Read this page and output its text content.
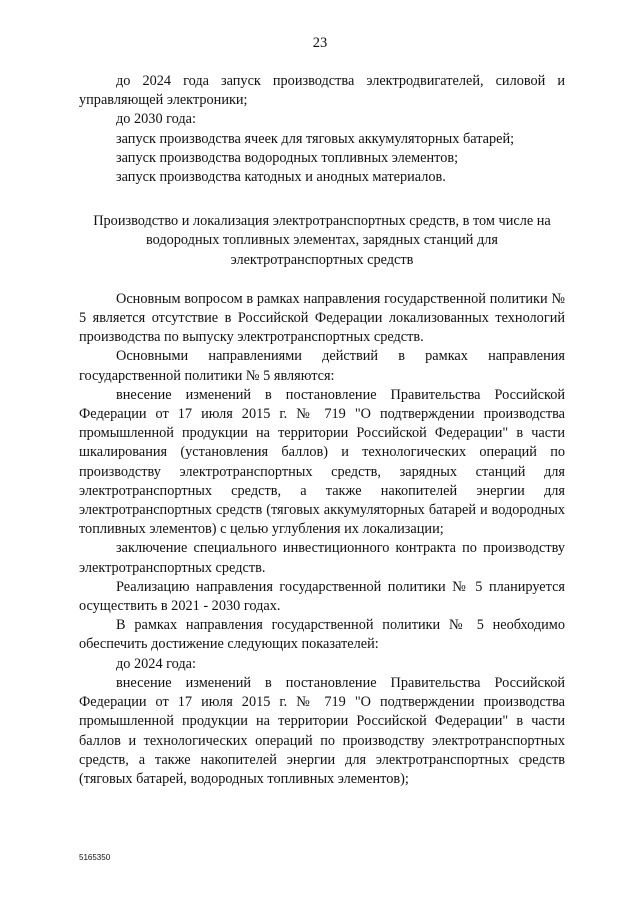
23

до 2024 года запуск производства электродвигателей, силовой и управляющей электроники;

до 2030 года:

запуск производства ячеек для тяговых аккумуляторных батарей;

запуск производства водородных топливных элементов;

запуск производства катодных и анодных материалов.

Производство и локализация электротранспортных средств, в том числе на водородных топливных элементах, зарядных станций для электротранспортных средств

Основным вопросом в рамках направления государственной политики № 5 является отсутствие в Российской Федерации локализованных технологий производства по выпуску электротранспортных средств.

Основными направлениями действий в рамках направления государственной политики № 5 являются:

внесение изменений в постановление Правительства Российской Федерации от 17 июля 2015 г. № 719 "О подтверждении производства промышленной продукции на территории Российской Федерации" в части шкалирования (установления баллов) и технологических операций по производству электротранспортных средств, зарядных станций для электротранспортных средств, а также накопителей энергии для электротранспортных средств (тяговых аккумуляторных батарей и водородных топливных элементов) с целью углубления их локализации;

заключение специального инвестиционного контракта по производству электротранспортных средств.

Реализацию направления государственной политики № 5 планируется осуществить в 2021 - 2030 годах.

В рамках направления государственной политики № 5 необходимо обеспечить достижение следующих показателей:

до 2024 года:

внесение изменений в постановление Правительства Российской Федерации от 17 июля 2015 г. № 719 "О подтверждении производства промышленной продукции на территории Российской Федерации" в части баллов и технологических операций по производству электротранспортных средств, а также накопителей энергии для электротранспортных средств (тяговых батарей, водородных топливных элементов);

5165350
